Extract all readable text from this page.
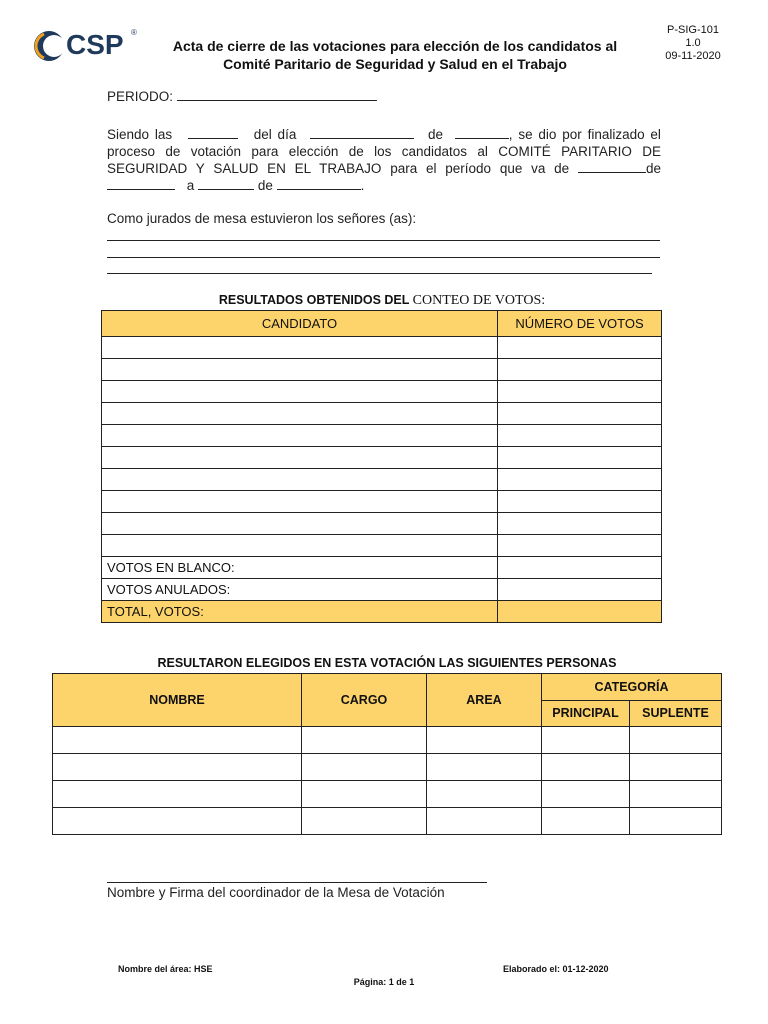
CSP ®
Acta de cierre de las votaciones para elección de los candidatos al
Comité Paritario de Seguridad y Salud en el Trabajo
P-SIG-101
1.0
09-11-2020
PERIODO:
Siendo las	del día	de	, se dio por finalizado el proceso de votación para elección de los candidatos al COMITÉ PARITARIO DE SEGURIDAD Y SALUD EN EL TRABAJO para el período que va de	de  a	de	.
Como jurados de mesa estuvieron los señores (as):
RESULTADOS OBTENIDOS DEL CONTEO DE VOTOS:
CANDIDATO	NÚMERO DE VOTOS

VOTOS EN BLANCO:	
VOTOS ANULADOS:	
TOTAL, VOTOS:	
RESULTARON ELEGIDOS EN ESTA VOTACIÓN LAS SIGUIENTES PERSONAS
NOMBRE	CARGO	AREA	CATEGORÍA	
			PRINCIPAL	SUPLENTE

Nombre y Firma del coordinador de la Mesa de Votación
Nombre del área: HSE	Elaborado el: 01-12-2020
Página: 1 de 1
